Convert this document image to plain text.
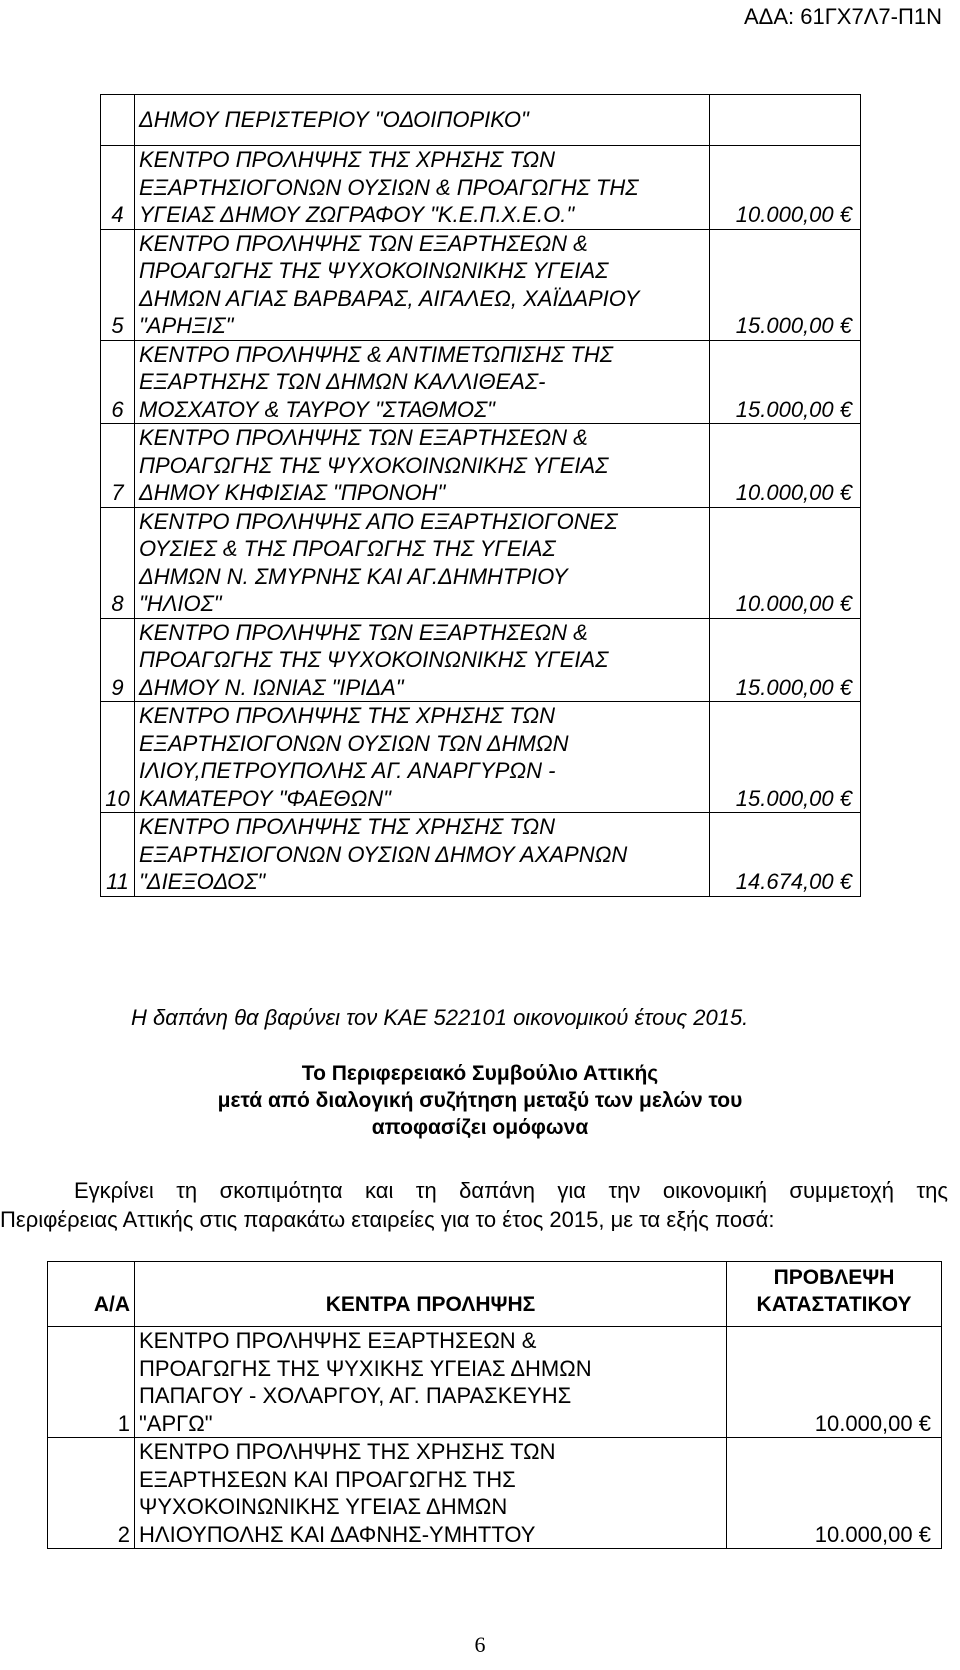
ΑΔΑ: 61ΓΧ7Λ7-Π1Ν

	ΔΗΜΟΥ ΠΕΡΙΣΤΕΡΙΟΥ "ΟΔΟΙΠΟΡΙΚΟ"	

4	ΚΕΝΤΡΟ ΠΡΟΛΗΨΗΣ ΤΗΣ ΧΡΗΣΗΣ ΤΩΝ
ΕΞΑΡΤΗΣΙΟΓΟΝΩΝ ΟΥΣΙΩΝ & ΠΡΟΑΓΩΓΗΣ ΤΗΣ
ΥΓΕΙΑΣ ΔΗΜΟΥ ΖΩΓΡΑΦΟΥ "Κ.Ε.Π.Χ.Ε.Ο."	10.000,00 €
5	ΚΕΝΤΡΟ ΠΡΟΛΗΨΗΣ ΤΩΝ ΕΞΑΡΤΗΣΕΩΝ &
ΠΡΟΑΓΩΓΗΣ ΤΗΣ ΨΥΧΟΚΟΙΝΩΝΙΚΗΣ ΥΓΕΙΑΣ
ΔΗΜΩΝ ΑΓΙΑΣ ΒΑΡΒΑΡΑΣ, ΑΙΓΑΛΕΩ, ΧΑΪΔΑΡΙΟΥ
"ΑΡΗΞΙΣ"	15.000,00 €
6	ΚΕΝΤΡΟ ΠΡΟΛΗΨΗΣ & ΑΝΤΙΜΕΤΩΠΙΣΗΣ ΤΗΣ
ΕΞΑΡΤΗΣΗΣ ΤΩΝ ΔΗΜΩΝ ΚΑΛΛΙΘΕΑΣ-
ΜΟΣΧΑΤΟΥ & ΤΑΥΡΟΥ "ΣΤΑΘΜΟΣ"	15.000,00 €
7	ΚΕΝΤΡΟ ΠΡΟΛΗΨΗΣ ΤΩΝ ΕΞΑΡΤΗΣΕΩΝ &
ΠΡΟΑΓΩΓΗΣ ΤΗΣ ΨΥΧΟΚΟΙΝΩΝΙΚΗΣ ΥΓΕΙΑΣ
ΔΗΜΟΥ ΚΗΦΙΣΙΑΣ "ΠΡΟΝΟΗ"	10.000,00 €
8	ΚΕΝΤΡΟ ΠΡΟΛΗΨΗΣ ΑΠΟ ΕΞΑΡΤΗΣΙΟΓΟΝΕΣ
ΟΥΣΙΕΣ & ΤΗΣ ΠΡΟΑΓΩΓΗΣ ΤΗΣ ΥΓΕΙΑΣ
ΔΗΜΩΝ Ν. ΣΜΥΡΝΗΣ ΚΑΙ ΑΓ.ΔΗΜΗΤΡΙΟΥ
"ΗΛΙΟΣ"	10.000,00 €
9	ΚΕΝΤΡΟ ΠΡΟΛΗΨΗΣ ΤΩΝ ΕΞΑΡΤΗΣΕΩΝ &
ΠΡΟΑΓΩΓΗΣ ΤΗΣ ΨΥΧΟΚΟΙΝΩΝΙΚΗΣ ΥΓΕΙΑΣ
ΔΗΜΟΥ Ν. ΙΩΝΙΑΣ "ΙΡΙΔΑ"	15.000,00 €
10	ΚΕΝΤΡΟ ΠΡΟΛΗΨΗΣ ΤΗΣ ΧΡΗΣΗΣ ΤΩΝ
ΕΞΑΡΤΗΣΙΟΓΟΝΩΝ ΟΥΣΙΩΝ ΤΩΝ ΔΗΜΩΝ
ΙΛΙΟΥ,ΠΕΤΡΟΥΠΟΛΗΣ ΑΓ. ΑΝΑΡΓΥΡΩΝ -
ΚΑΜΑΤΕΡΟΥ "ΦΑΕΘΩΝ"	15.000,00 €
11	ΚΕΝΤΡΟ ΠΡΟΛΗΨΗΣ ΤΗΣ ΧΡΗΣΗΣ ΤΩΝ
ΕΞΑΡΤΗΣΙΟΓΟΝΩΝ ΟΥΣΙΩΝ ΔΗΜΟΥ ΑΧΑΡΝΩΝ
"ΔΙΕΞΟΔΟΣ"	14.674,00 €
Η δαπάνη θα βαρύνει τον ΚΑΕ 522101 οικονομικού έτους 2015.
Το Περιφερειακό Συμβούλιο Αττικής
μετά από διαλογική συζήτηση μεταξύ των μελών του
αποφασίζει ομόφωνα
Εγκρίνει τη σκοπιμότητα και τη δαπάνη για την οικονομική συμμετοχή της
Περιφέρειας Αττικής στις παρακάτω εταιρείες για το έτος 2015, με τα εξής ποσά:
Α/Α	ΚΕΝΤΡΑ ΠΡΟΛΗΨΗΣ	ΠΡΟΒΛΕΨΗ
ΚΑΤΑΣΤΑΤΙΚΟΥ

1	ΚΕΝΤΡΟ ΠΡΟΛΗΨΗΣ ΕΞΑΡΤΗΣΕΩΝ &
ΠΡΟΑΓΩΓΗΣ ΤΗΣ ΨΥΧΙΚΗΣ ΥΓΕΙΑΣ ΔΗΜΩΝ
ΠΑΠΑΓΟΥ - ΧΟΛΑΡΓΟΥ, ΑΓ. ΠΑΡΑΣΚΕΥΗΣ
"ΑΡΓΩ"	10.000,00 €
2	ΚΕΝΤΡΟ ΠΡΟΛΗΨΗΣ ΤΗΣ ΧΡΗΣΗΣ ΤΩΝ
ΕΞΑΡΤΗΣΕΩΝ ΚΑΙ ΠΡΟΑΓΩΓΗΣ ΤΗΣ
ΨΥΧΟΚΟΙΝΩΝΙΚΗΣ ΥΓΕΙΑΣ ΔΗΜΩΝ
ΗΛΙΟΥΠΟΛΗΣ ΚΑΙ ΔΑΦΝΗΣ-ΥΜΗΤΤΟΥ	10.000,00 €
6
